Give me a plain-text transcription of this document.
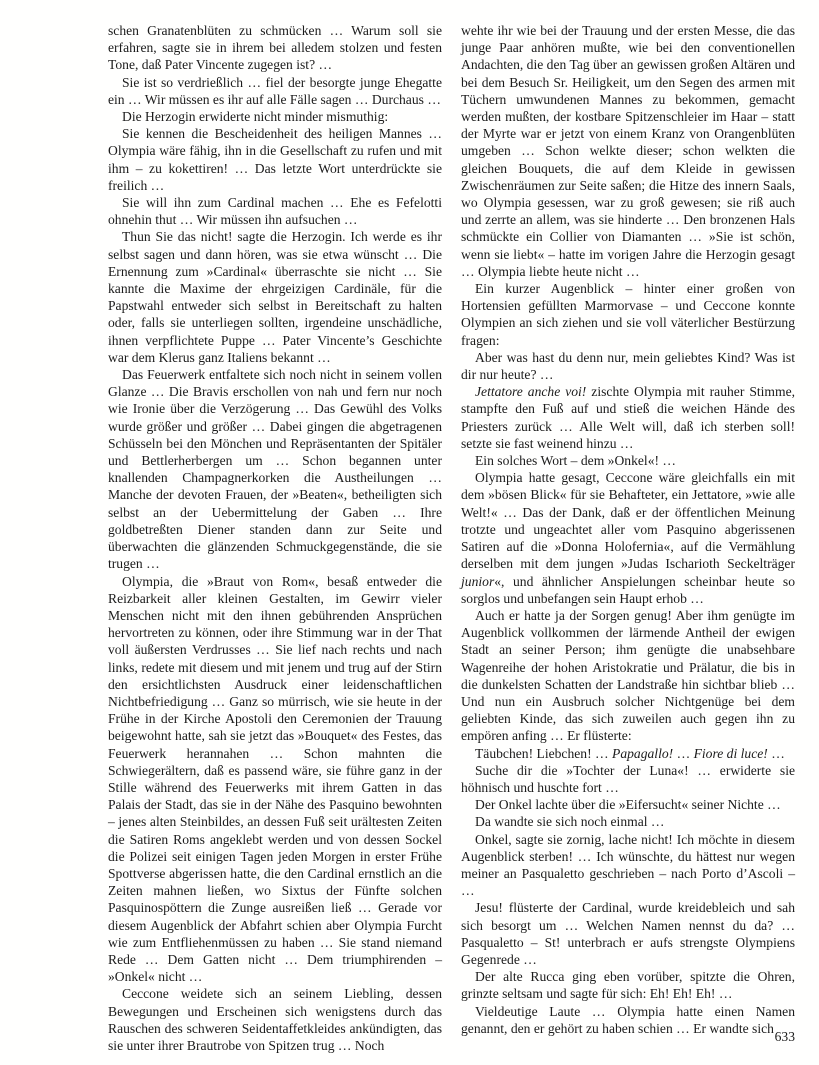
schen Granatenblüten zu schmücken … Warum soll sie erfahren, sagte sie in ihrem bei alledem stolzen und festen Tone, daß Pater Vincente zugegen ist? …

Sie ist so verdrießlich … fiel der besorgte junge Ehegatte ein … Wir müssen es ihr auf alle Fälle sagen … Durchaus …

Die Herzogin erwiderte nicht minder mismuthig:

Sie kennen die Bescheidenheit des heiligen Mannes … Olympia wäre fähig, ihn in die Gesellschaft zu rufen und mit ihm – zu kokettiren! … Das letzte Wort unterdrückte sie freilich …

Sie will ihn zum Cardinal machen … Ehe es Fefelotti ohnehin thut … Wir müssen ihn aufsuchen …

Thun Sie das nicht! sagte die Herzogin. Ich werde es ihr selbst sagen und dann hören, was sie etwa wünscht … Die Ernennung zum »Cardinal« überraschte sie nicht … Sie kannte die Maxime der ehrgeizigen Cardinäle, für die Papstwahl entweder sich selbst in Bereitschaft zu halten oder, falls sie unterliegen sollten, irgendeine unschädliche, ihnen verpflichtete Puppe … Pater Vincente’s Geschichte war dem Klerus ganz Italiens bekannt …

Das Feuerwerk entfaltete sich noch nicht in seinem vollen Glanze … Die Bravis erschollen von nah und fern nur noch wie Ironie über die Verzögerung … Das Gewühl des Volks wurde größer und größer … Dabei gingen die abgetragenen Schüsseln bei den Mönchen und Repräsentanten der Spitäler und Bettlerherbergen um … Schon begannen unter knallenden Champagnerkorken die Austheilungen … Manche der devoten Frauen, der »Beaten«, betheiligten sich selbst an der Uebermittelung der Gaben … Ihre goldbetreßten Diener standen dann zur Seite und überwachten die glänzenden Schmuckgegenstände, die sie trugen …

Olympia, die »Braut von Rom«, besaß entweder die Reizbarkeit aller kleinen Gestalten, im Gewirr vieler Menschen nicht mit den ihnen gebührenden Ansprüchen hervortreten zu können, oder ihre Stimmung war in der That voll äußersten Verdrusses … Sie lief nach rechts und nach links, redete mit diesem und mit jenem und trug auf der Stirn den ersichtlichsten Ausdruck einer leidenschaftlichen Nichtbefriedigung … Ganz so mürrisch, wie sie heute in der Frühe in der Kirche Apostoli den Ceremonien der Trauung beigewohnt hatte, sah sie jetzt das »Bouquet« des Festes, das Feuerwerk herannahen … Schon mahnten die Schwiegerältern, daß es passend wäre, sie führe ganz in der Stille während des Feuerwerks mit ihrem Gatten in das Palais der Stadt, das sie in der Nähe des Pasquino bewohnten – jenes alten Steinbildes, an dessen Fuß seit urältesten Zeiten die Satiren Roms angeklebt werden und von dessen Sockel die Polizei seit einigen Tagen jeden Morgen in erster Frühe Spottverse abgerissen hatte, die den Cardinal ernstlich an die Zeiten mahnen ließen, wo Sixtus der Fünfte solchen Pasquinospöttern die Zunge ausreißen ließ … Gerade vor diesem Augenblick der Abfahrt schien aber Olympia Furcht wie zum Entfliehenmüssen zu haben … Sie stand niemand Rede … Dem Gatten nicht … Dem triumphirenden – »Onkel« nicht …

Ceccone weidete sich an seinem Liebling, dessen Bewegungen und Erscheinen sich wenigstens durch das Rauschen des schweren Seidentaffetkleides ankündigten, das sie unter ihrer Brautrobe von Spitzen trug … Noch

wehte ihr wie bei der Trauung und der ersten Messe, die das junge Paar anhören mußte, wie bei den conventionellen Andachten, die den Tag über an gewissen großen Altären und bei dem Besuch Sr. Heiligkeit, um den Segen des armen mit Tüchern umwundenen Mannes zu bekommen, gemacht werden mußten, der kostbare Spitzenschleier im Haar – statt der Myrte war er jetzt von einem Kranz von Orangenblüten umgeben … Schon welkte dieser; schon welkten die gleichen Bouquets, die auf dem Kleide in gewissen Zwischenräumen zur Seite saßen; die Hitze des innern Saals, wo Olympia gesessen, war zu groß gewesen; sie riß auch und zerrte an allem, was sie hinderte … Den bronzenen Hals schmückte ein Collier von Diamanten … »Sie ist schön, wenn sie liebt« – hatte im vorigen Jahre die Herzogin gesagt … Olympia liebte heute nicht …

Ein kurzer Augenblick – hinter einer großen von Hortensien gefüllten Marmorvase – und Ceccone konnte Olympien an sich ziehen und sie voll väterlicher Bestürzung fragen:

Aber was hast du denn nur, mein geliebtes Kind? Was ist dir nur heute? …

Jettatore anche voi! zischte Olympia mit rauher Stimme, stampfte den Fuß auf und stieß die weichen Hände des Priesters zurück … Alle Welt will, daß ich sterben soll! setzte sie fast weinend hinzu …

Ein solches Wort – dem »Onkel«! …

Olympia hatte gesagt, Ceccone wäre gleichfalls ein mit dem »bösen Blick« für sie Behafteter, ein Jettatore, »wie alle Welt!« … Das der Dank, daß er der öffentlichen Meinung trotzte und ungeachtet aller vom Pasquino abgerissenen Satiren auf die »Donna Holofernia«, auf die Vermählung derselben mit dem jungen »Judas Ischarioth Seckelträger junior«, und ähnlicher Anspielungen scheinbar heute so sorglos und unbefangen sein Haupt erhob …

Auch er hatte ja der Sorgen genug! Aber ihm genügte im Augenblick vollkommen der lärmende Antheil der ewigen Stadt an seiner Person; ihm genügte die unabsehbare Wagenreihe der hohen Aristokratie und Prälatur, die bis in die dunkelsten Schatten der Landstraße hin sichtbar blieb … Und nun ein Ausbruch solcher Nichtgenüge bei dem geliebten Kinde, das sich zuweilen auch gegen ihn zu empören anfing … Er flüsterte:

Täubchen! Liebchen! … Papagallo! … Fiore di luce! …

Suche dir die »Tochter der Luna«! … erwiderte sie höhnisch und huschte fort …

Der Onkel lachte über die »Eifersucht« seiner Nichte …

Da wandte sie sich noch einmal …

Onkel, sagte sie zornig, lache nicht! Ich möchte in diesem Augenblick sterben! … Ich wünschte, du hättest nur wegen meiner an Pasqualetto geschrieben – nach Porto d’Ascoli – …

Jesu! flüsterte der Cardinal, wurde kreidebleich und sah sich besorgt um … Welchen Namen nennst du da? … Pasqualetto – St! unterbrach er aufs strengste Olympiens Gegenrede …

Der alte Rucca ging eben vorüber, spitzte die Ohren, grinzte seltsam und sagte für sich: Eh! Eh! Eh! …

Vieldeutige Laute … Olympia hatte einen Namen genannt, den er gehört zu haben schien … Er wandte sich

633
